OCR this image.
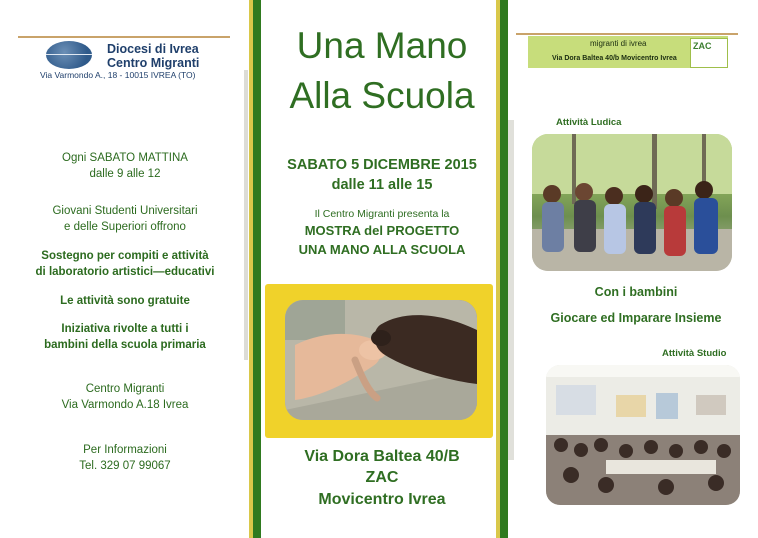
Diocesi di Ivrea
Centro Migranti
Via Varmondo A., 18 - 10015 IVREA (TO)
Ogni SABATO MATTINA
dalle 9 alle 12
Giovani Studenti Universitari
e delle Superiori offrono
Sostegno per compiti e attività
di laboratorio artistici—educativi
Le attività sono gratuite
Iniziativa rivolte a tutti i
bambini della scuola primaria
Centro Migranti
Via Varmondo A.18 Ivrea
Per Informazioni
Tel. 329 07 99067
Una Mano
Alla Scuola
SABATO 5 DICEMBRE 2015
dalle 11 alle 15
Il Centro Migranti presenta la
MOSTRA del PROGETTO
UNA MANO ALLA SCUOLA
Via Dora Baltea 40/B
ZAC
Movicentro Ivrea
migranti di ivrea
Via Dora Baltea 40/b Movicentro Ivrea
ZAC
Attività Ludica
Con i bambini
Giocare ed Imparare Insieme
Attività Studio
